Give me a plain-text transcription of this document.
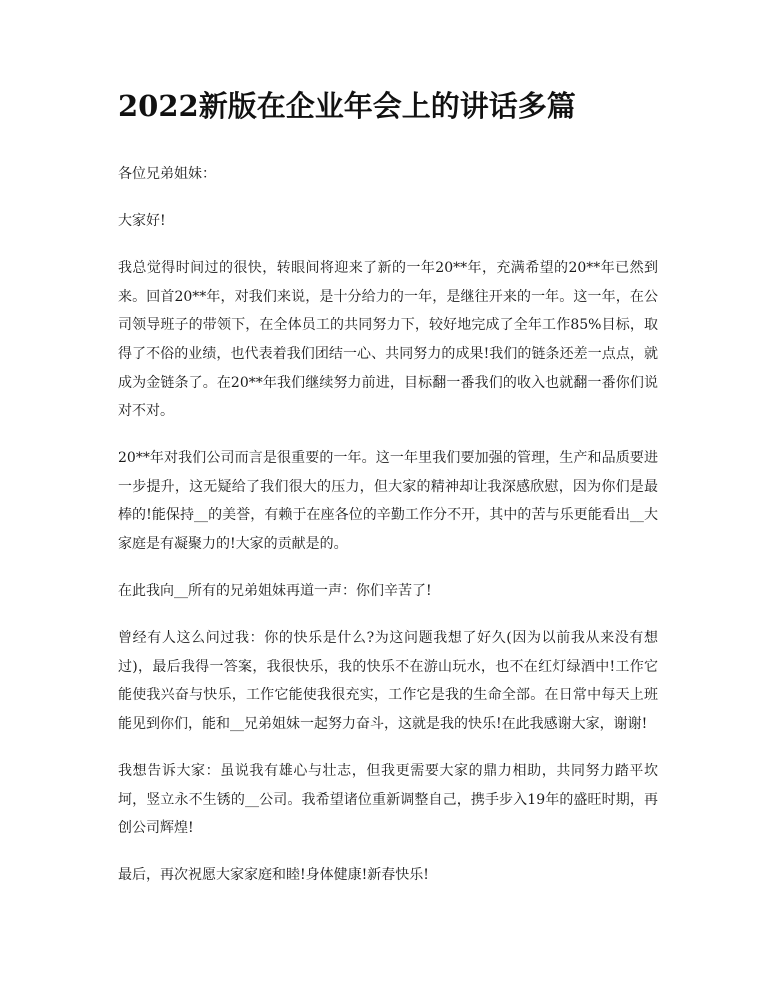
2022新版在企业年会上的讲话多篇

各位兄弟姐妹：

大家好!

我总觉得时间过的很快，转眼间将迎来了新的一年20**年，充满希望的20**年已然到来。回首20**年，对我们来说，是十分给力的一年，是继往开来的一年。这一年，在公司领导班子的带领下，在全体员工的共同努力下，较好地完成了全年工作85%目标，取得了不俗的业绩，也代表着我们团结一心、共同努力的成果!我们的链条还差一点点，就成为金链条了。在20**年我们继续努力前进，目标翻一番我们的收入也就翻一番你们说对不对。

20**年对我们公司而言是很重要的一年。这一年里我们要加强的管理，生产和品质要进一步提升，这无疑给了我们很大的压力，但大家的精神却让我深感欣慰，因为你们是最棒的!能保持__的美誉，有赖于在座各位的辛勤工作分不开，其中的苦与乐更能看出__大家庭是有凝聚力的!大家的贡献是的。

在此我向__所有的兄弟姐妹再道一声：你们辛苦了!

曾经有人这么问过我：你的快乐是什么?为这问题我想了好久(因为以前我从来没有想过)，最后我得一答案，我很快乐，我的快乐不在游山玩水，也不在红灯绿酒中!工作它能使我兴奋与快乐，工作它能使我很充实，工作它是我的生命全部。在日常中每天上班能见到你们，能和__兄弟姐妹一起努力奋斗，这就是我的快乐!在此我感谢大家，谢谢!

我想告诉大家：虽说我有雄心与壮志，但我更需要大家的鼎力相助，共同努力踏平坎坷，竖立永不生锈的__公司。我希望诸位重新调整自己，携手步入19年的盛旺时期，再创公司辉煌!

最后，再次祝愿大家家庭和睦!身体健康!新春快乐!
